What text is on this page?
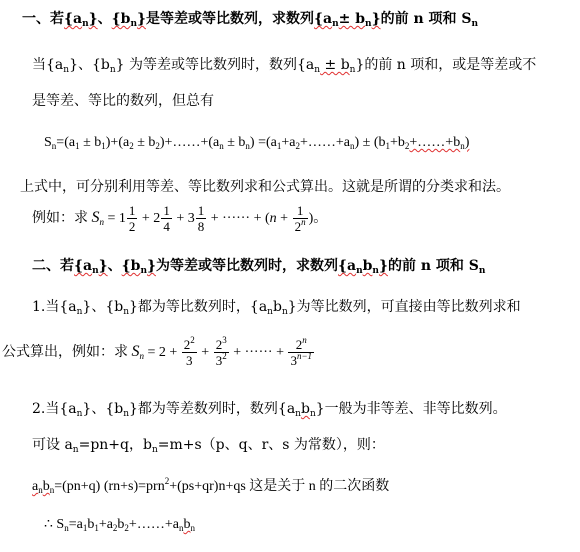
一、若$\{a_n\}$、$\{b_n\}$是等差或等比数列，求数列$\{a_n\pm b_n\}$的前 n 项和 $S_n$
当$\{a_n\}$、$\{b_n\}$ 为等差或等比数列时，数列$\{a_n \pm b_n\}$的前 n 项和，或是等差或不
是等差、等比的数列，但总有
$S_n=(a_1 \pm b_1)+(a_2$ ± $b_2)+\dots\dots+(a_n \pm b_n)$ $=(a_1+a_2+\dots\dots+a_n)$ ± $(b_1+b_2+\dots\dots+b_n)$
上式中，可分别利用等差、等比数列求和公式算出。这就是所谓的分类求和法。
例如：求 $S_n = 1 \frac{1}{2} + 2 \frac{1}{4} + 3 \frac{1}{8}$ + ······ + ($n + \frac{1}{2^n}$ )。
二、若$\{a_n\}$、$\{b_n\}$为等差或等比数列时，求数列$\{a_nb_n\}$的前 n 项和 $S_n$
1.当$\{a_n\}$、$\{b_n\}$都为等比数列时，$\{a_nb_n\}$为等比数列，可直接由等比数列求和
公式算出，例如：求 $S_n = 2 + \frac{2^2}{3} + \frac{2^3}{3^2}$ + ······ + $\frac{2^n}{3^{n-1}}$
2.当$\{a_n\}$、$\{b_n\}$都为等差数列时，数列$\{a_nb_n\}$一般为非等差、非等比数列。
可设 $a_n=pn+q$，$b_n=m+s(p$、q、r、s 为常数），则：
$a_nb_n=(pn+q)$ (rn+s)=prn$^2$+(ps+qr)n+qs 这是关于 n 的二次函数
∴ $S_n=a_1b_1+a_2b_2+\dots\dots+a_nb_n$
